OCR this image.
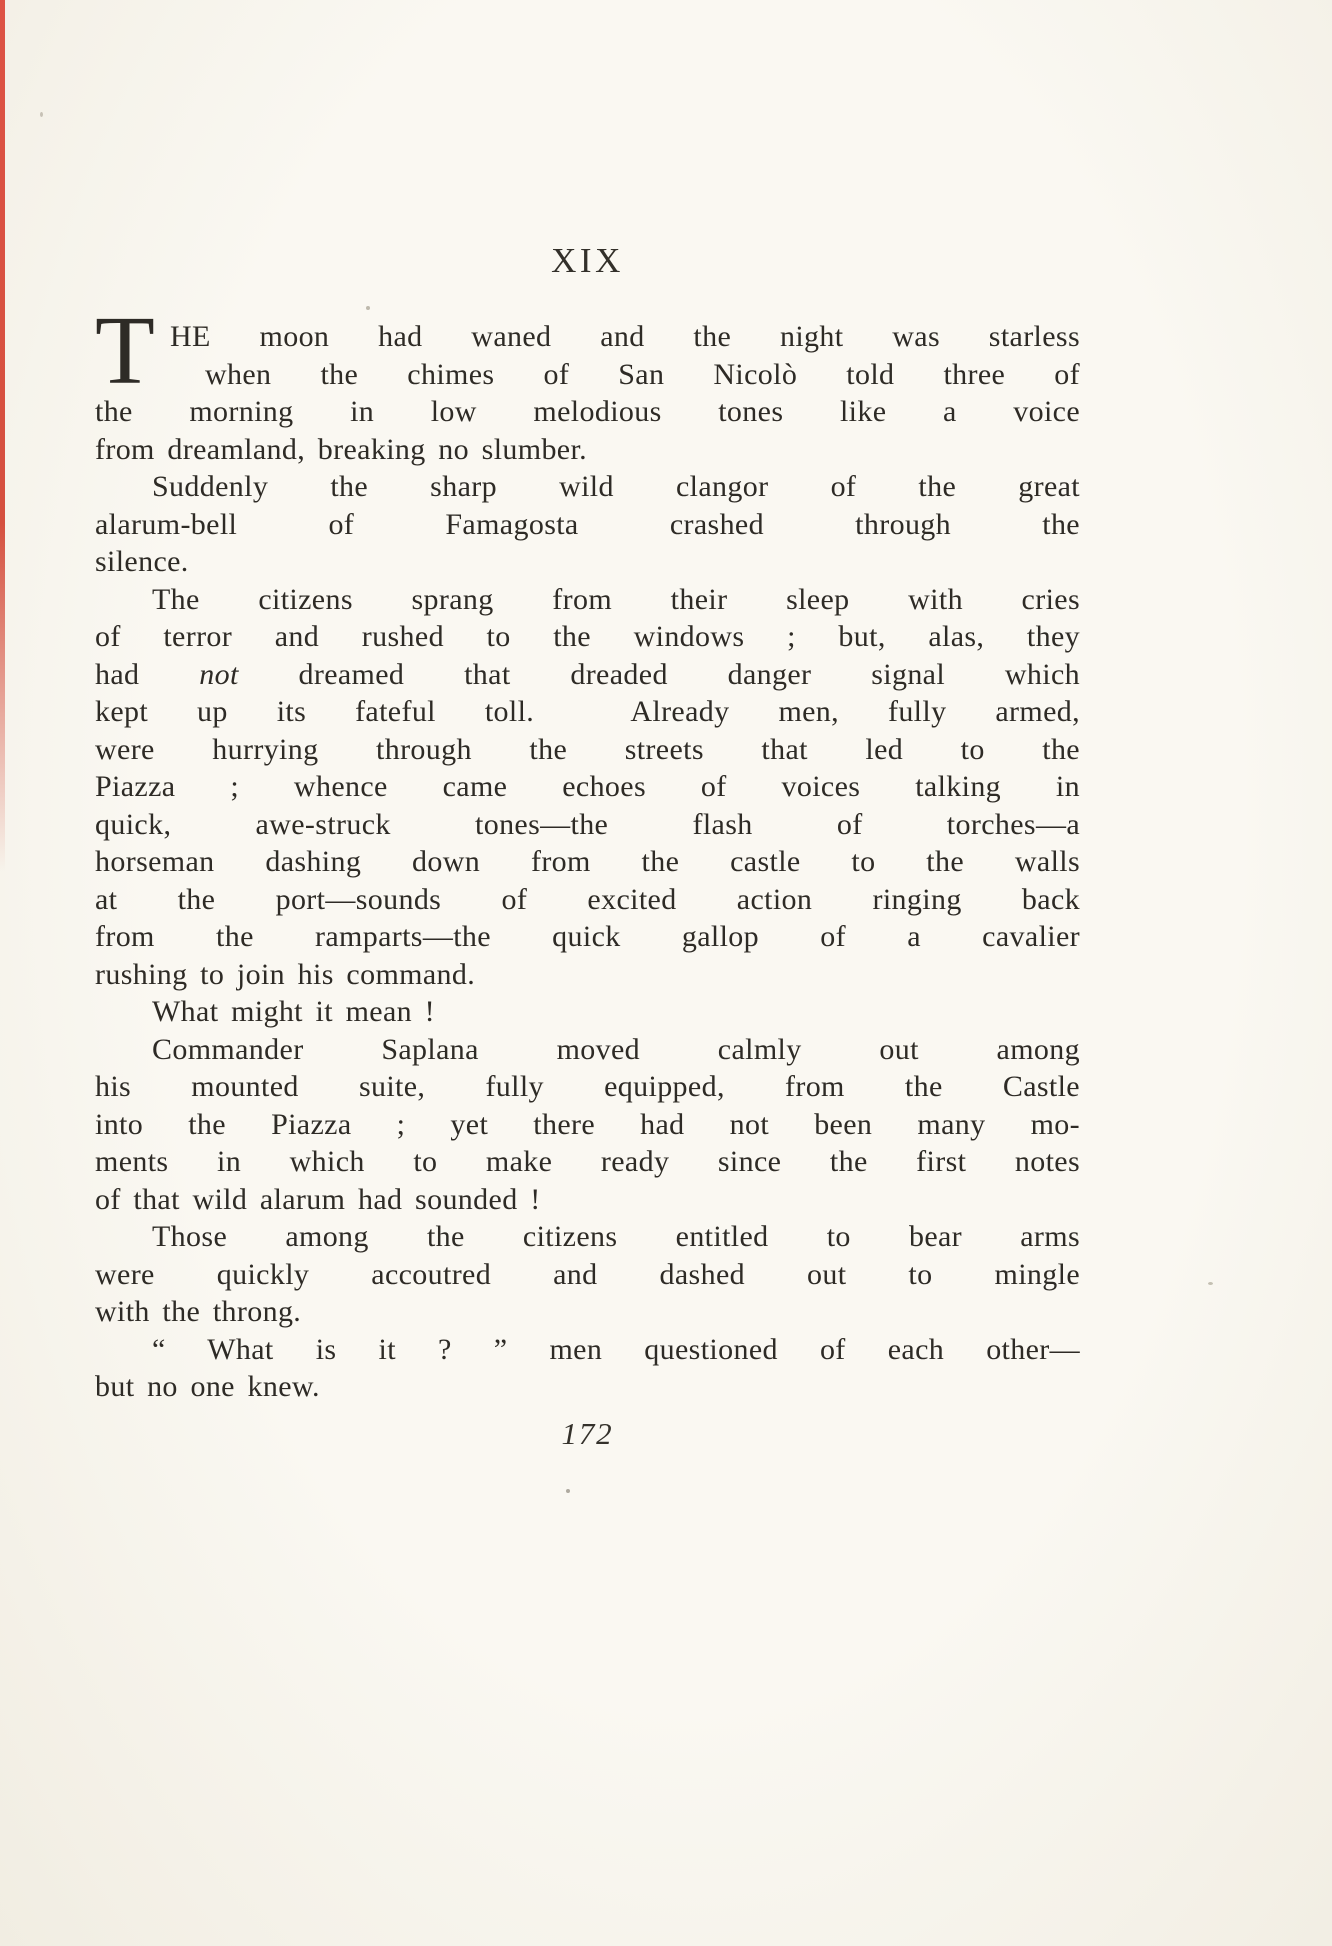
XIX
T HE moon had waned and the night was starless
when the chimes of San Nicolò told three of
the morning in low melodious tones like a voice
from dreamland, breaking no slumber.
Suddenly the sharp wild clangor of the great
alarum-bell of Famagosta crashed through the
silence.
The citizens sprang from their sleep with cries
of terror and rushed to the windows ; but, alas, they
had not dreamed that dreaded danger signal which
kept up its fateful toll.  Already men, fully armed,
were hurrying through the streets that led to the
Piazza ; whence came echoes of voices talking in
quick, awe-struck tones—the flash of torches—a
horseman dashing down from the castle to the walls
at the port—sounds of excited action ringing back
from the ramparts—the quick gallop of a cavalier
rushing to join his command.
What might it mean !
Commander Saplana moved calmly out among
his mounted suite, fully equipped, from the Castle
into the Piazza ; yet there had not been many mo-
ments in which to make ready since the first notes
of that wild alarum had sounded !
Those among the citizens entitled to bear arms
were quickly accoutred and dashed out to mingle
with the throng.
“ What is it ? ” men questioned of each other—
but no one knew.
172
